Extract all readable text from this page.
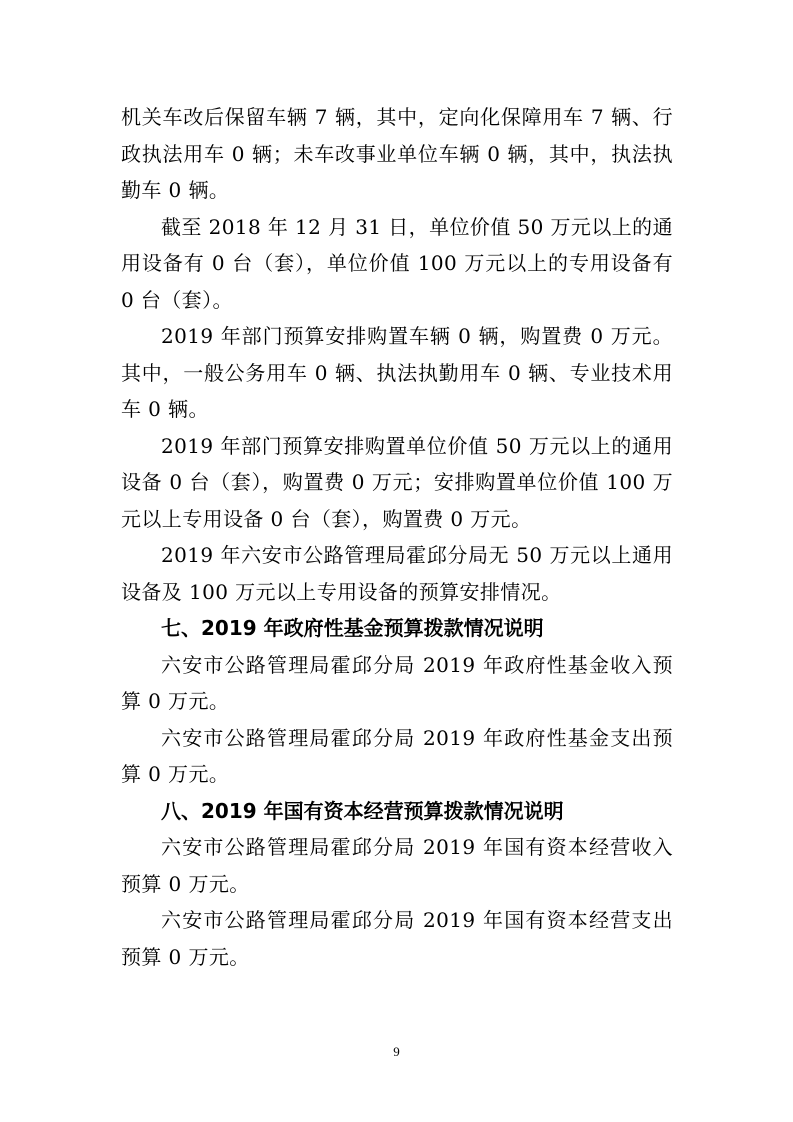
机关车改后保留车辆 7 辆，其中，定向化保障用车 7 辆、行政执法用车 0 辆；未车改事业单位车辆 0 辆，其中，执法执勤车 0 辆。

截至 2018 年 12 月 31 日，单位价值 50 万元以上的通用设备有 0 台（套），单位价值 100 万元以上的专用设备有 0 台（套）。

2019 年部门预算安排购置车辆 0 辆，购置费 0 万元。其中，一般公务用车 0 辆、执法执勤用车 0 辆、专业技术用车 0 辆。

2019 年部门预算安排购置单位价值 50 万元以上的通用设备 0 台（套），购置费 0 万元；安排购置单位价值 100 万元以上专用设备 0 台（套），购置费 0 万元。

2019 年六安市公路管理局霍邱分局无 50 万元以上通用设备及 100 万元以上专用设备的预算安排情况。

七、2019 年政府性基金预算拨款情况说明

六安市公路管理局霍邱分局 2019 年政府性基金收入预算 0 万元。

六安市公路管理局霍邱分局 2019 年政府性基金支出预算 0 万元。

八、2019 年国有资本经营预算拨款情况说明

六安市公路管理局霍邱分局 2019 年国有资本经营收入预算 0 万元。

六安市公路管理局霍邱分局 2019 年国有资本经营支出预算 0 万元。

9
